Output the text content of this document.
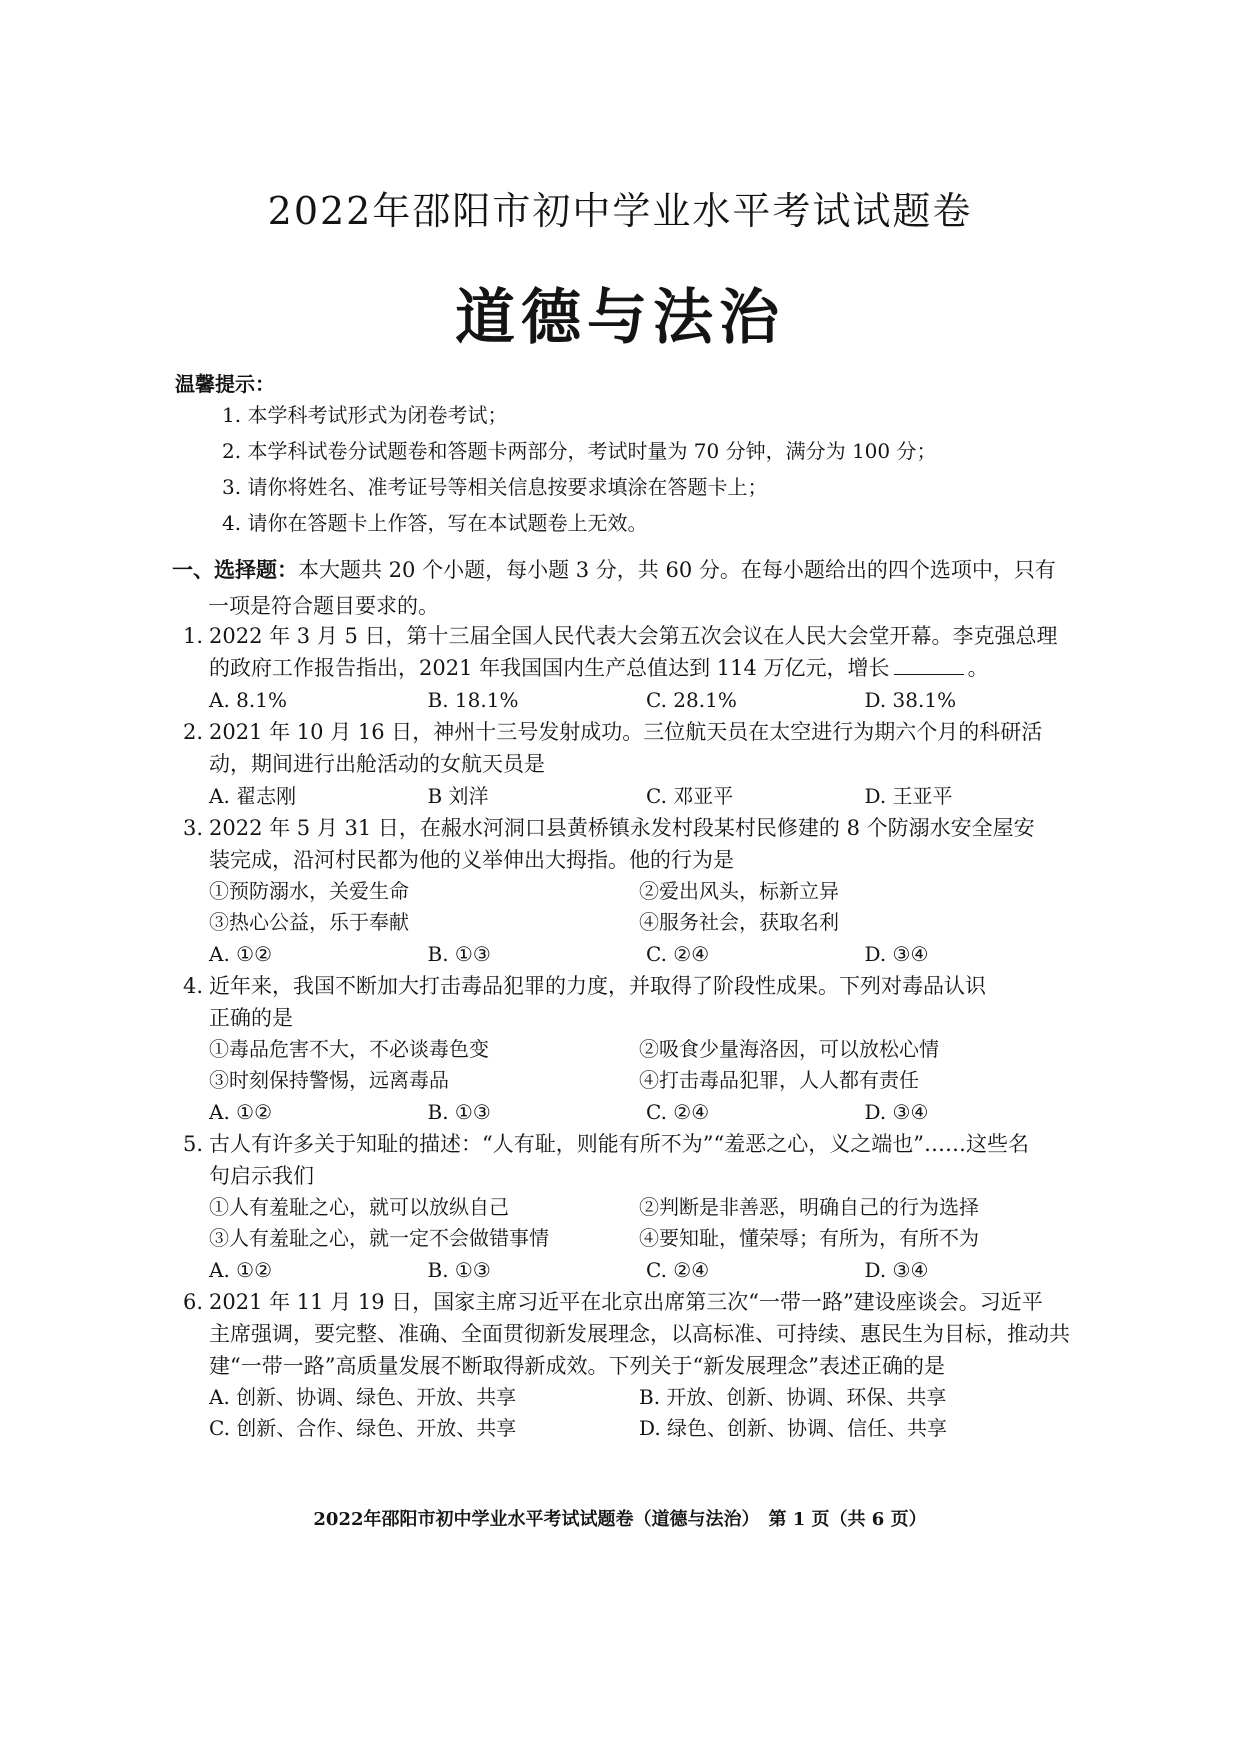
2022年邵阳市初中学业水平考试试题卷
道德与法治
温馨提示：
1. 本学科考试形式为闭卷考试；
2. 本学科试卷分试题卷和答题卡两部分，考试时量为 70 分钟，满分为 100 分；
3. 请你将姓名、准考证号等相关信息按要求填涂在答题卡上；
4. 请你在答题卡上作答，写在本试题卷上无效。
一、选择题：本大题共 20 个小题，每小题 3 分，共 60 分。在每小题给出的四个选项中，只有
一项是符合题目要求的。
1. 2022 年 3 月 5 日，第十三届全国人民代表大会第五次会议在人民大会堂开幕。李克强总理
的政府工作报告指出，2021 年我国国内生产总值达到 114 万亿元，增长	。
A. 8.1%	B. 18.1%	C. 28.1%	D. 38.1%
2. 2021 年 10 月 16 日，神州十三号发射成功。三位航天员在太空进行为期六个月的科研活
动，期间进行出舱活动的女航天员是
A. 翟志刚	B 刘洋	C. 邓亚平	D. 王亚平
3. 2022 年 5 月 31 日，在赧水河洞口县黄桥镇永发村段某村民修建的 8 个防溺水安全屋安
装完成，沿河村民都为他的义举伸出大拇指。他的行为是
①预防溺水，关爱生命	②爱出风头，标新立异
③热心公益，乐于奉献	④服务社会，获取名利
A. ①②	B. ①③	C. ②④	D. ③④
4. 近年来，我国不断加大打击毒品犯罪的力度，并取得了阶段性成果。下列对毒品认识
正确的是
①毒品危害不大，不必谈毒色变	②吸食少量海洛因，可以放松心情
③时刻保持警惕，远离毒品	④打击毒品犯罪，人人都有责任
A. ①②	B. ①③	C. ②④	D. ③④
5. 古人有许多关于知耻的描述：“人有耻，则能有所不为”“羞恶之心，义之端也”……这些名
句启示我们
①人有羞耻之心，就可以放纵自己	②判断是非善恶，明确自己的行为选择
③人有羞耻之心，就一定不会做错事情	④要知耻，懂荣辱；有所为，有所不为
A. ①②	B. ①③	C. ②④	D. ③④
6. 2021 年 11 月 19 日，国家主席习近平在北京出席第三次“一带一路”建设座谈会。习近平
主席强调，要完整、准确、全面贯彻新发展理念，以高标准、可持续、惠民生为目标，推动共
建“一带一路”高质量发展不断取得新成效。下列关于“新发展理念”表述正确的是
A. 创新、协调、绿色、开放、共享	B. 开放、创新、协调、环保、共享
C. 创新、合作、绿色、开放、共享	D. 绿色、创新、协调、信任、共享
2022年邵阳市初中学业水平考试试题卷（道德与法治）　第 1 页（共 6 页）
